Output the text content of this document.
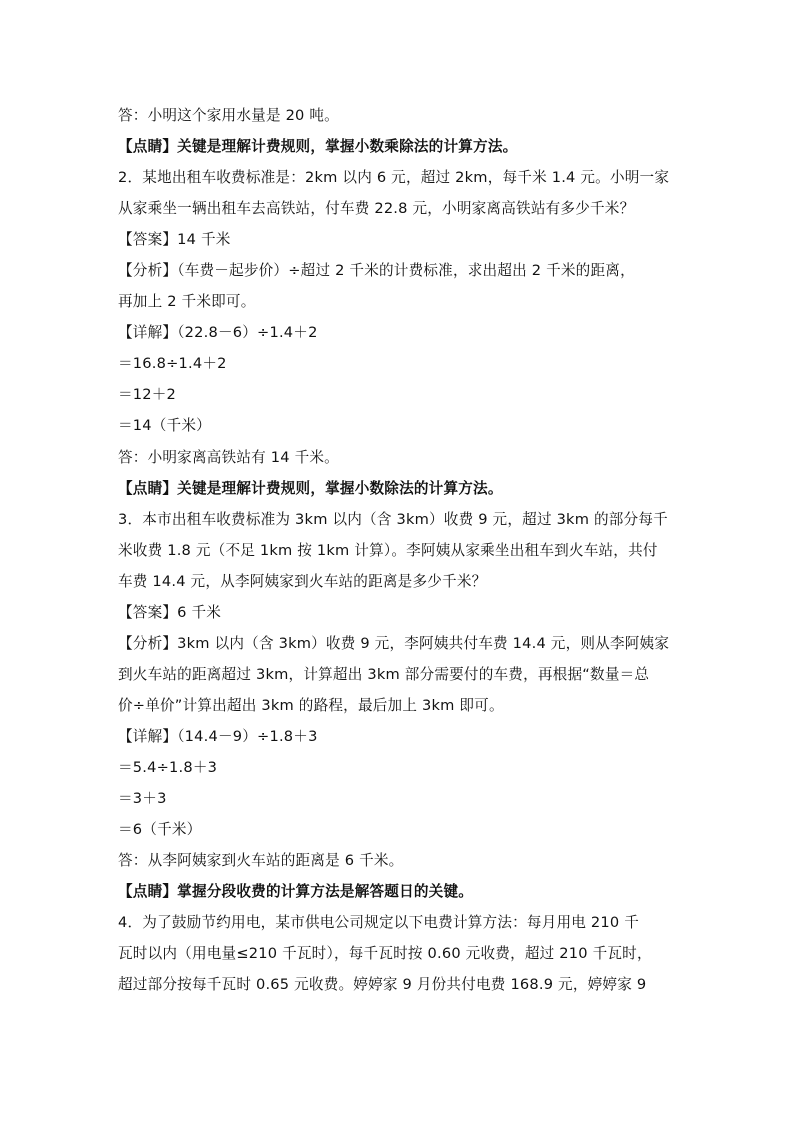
答：小明这个家用水量是 20 吨。
【点睛】关键是理解计费规则，掌握小数乘除法的计算方法。
2．某地出租车收费标准是：2km 以内 6 元，超过 2km，每千米 1.4 元。小明一家
从家乘坐一辆出租车去高铁站，付车费 22.8 元，小明家离高铁站有多少千米？
【答案】14 千米
【分析】（车费－起步价）÷超过 2 千米的计费标准，求出超出 2 千米的距离，
再加上 2 千米即可。
【详解】（22.8－6）÷1.4＋2
＝16.8÷1.4＋2
＝12＋2
＝14（千米）
答：小明家离高铁站有 14 千米。
【点睛】关键是理解计费规则，掌握小数除法的计算方法。
3．本市出租车收费标准为 3km 以内（含 3km）收费 9 元，超过 3km 的部分每千
米收费 1.8 元（不足 1km 按 1km 计算）。李阿姨从家乘坐出租车到火车站，共付
车费 14.4 元，从李阿姨家到火车站的距离是多少千米？
【答案】6 千米
【分析】3km 以内（含 3km）收费 9 元，李阿姨共付车费 14.4 元，则从李阿姨家
到火车站的距离超过 3km，计算超出 3km 部分需要付的车费，再根据“数量＝总
价÷单价”计算出超出 3km 的路程，最后加上 3km 即可。
【详解】（14.4－9）÷1.8＋3
＝5.4÷1.8＋3
＝3＋3
＝6（千米）
答：从李阿姨家到火车站的距离是 6 千米。
【点睛】掌握分段收费的计算方法是解答题日的关键。
4．为了鼓励节约用电，某市供电公司规定以下电费计算方法：每月用电 210 千
瓦时以内（用电量≤210 千瓦时），每千瓦时按 0.60 元收费，超过 210 千瓦时，
超过部分按每千瓦时 0.65 元收费。婷婷家 9 月份共付电费 168.9 元，婷婷家 9
